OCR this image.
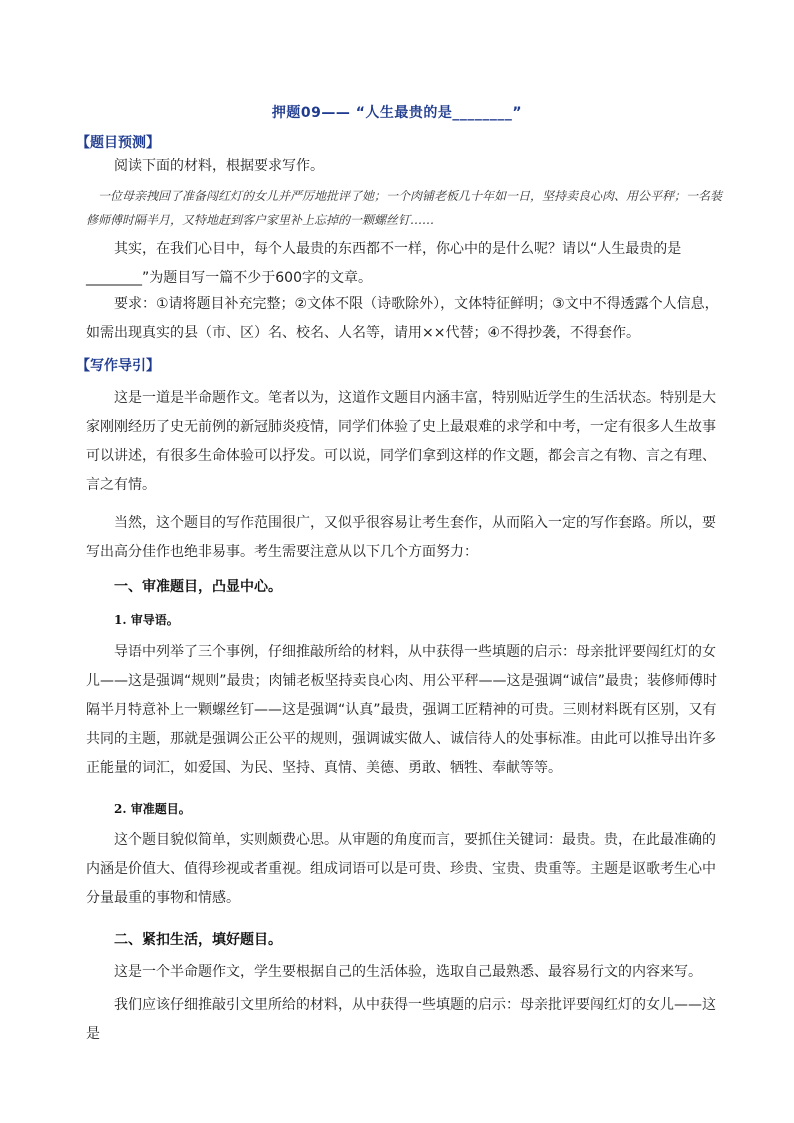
押题09—— “人生最贵的是________”
【题目预测】
阅读下面的材料，根据要求写作。
一位母亲拽回了准备闯红灯的女儿并严厉地批评了她；一个肉铺老板几十年如一日，坚持卖良心肉、用公平秤；一名装修师傅时隔半月，又特地赶到客户家里补上忘掉的一颗螺丝钉……
其实，在我们心目中，每个人最贵的东西都不一样，你心中的是什么呢？请以“人生最贵的是________”为题目写一篇不少于600字的文章。
要求：①请将题目补充完整；②文体不限（诗歌除外），文体特征鲜明；③文中不得透露个人信息，如需出现真实的县（市、区）名、校名、人名等，请用××代替；④不得抄袭，不得套作。
【写作导引】
这是一道是半命题作文。笔者以为，这道作文题目内涵丰富，特别贴近学生的生活状态。特别是大家刚刚经历了史无前例的新冠肺炎疫情，同学们体验了史上最艰难的求学和中考，一定有很多人生故事可以讲述，有很多生命体验可以抒发。可以说，同学们拿到这样的作文题，都会言之有物、言之有理、言之有情。
当然，这个题目的写作范围很广，又似乎很容易让考生套作，从而陷入一定的写作套路。所以，要写出高分佳作也绝非易事。考生需要注意从以下几个方面努力：
一、审准题目，凸显中心。
1. 审导语。
导语中列举了三个事例，仔细推敲所给的材料，从中获得一些填题的启示：母亲批评要闯红灯的女儿——这是强调“规则”最贵；肉铺老板坚持卖良心肉、用公平秤——这是强调“诚信”最贵；装修师傅时隔半月特意补上一颗螺丝钉——这是强调“认真”最贵，强调工匠精神的可贵。三则材料既有区别，又有共同的主题，那就是强调公正公平的规则，强调诚实做人、诚信待人的处事标准。由此可以推导出许多正能量的词汇，如爱国、为民、坚持、真情、美德、勇敢、牺牲、奉献等等。
2. 审准题目。
这个题目貌似简单，实则颇费心思。从审题的角度而言，要抓住关键词：最贵。贵，在此最准确的内涵是价值大、值得珍视或者重视。组成词语可以是可贵、珍贵、宝贵、贵重等。主题是讴歌考生心中分量最重的事物和情感。
二、紧扣生活，填好题目。
这是一个半命题作文，学生要根据自己的生活体验，选取自己最熟悉、最容易行文的内容来写。
我们应该仔细推敲引文里所给的材料，从中获得一些填题的启示：母亲批评要闯红灯的女儿——这是
